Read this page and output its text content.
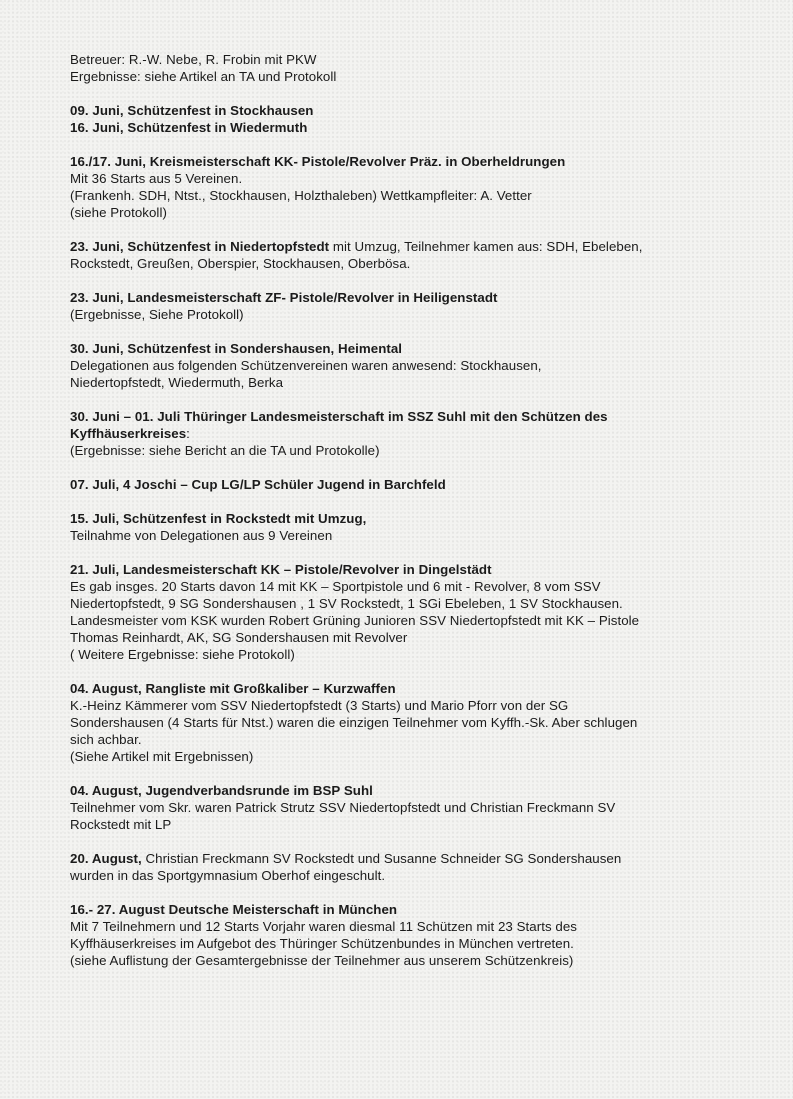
Betreuer: R.-W. Nebe, R. Frobin mit PKW
Ergebnisse: siehe Artikel an TA und Protokoll
09. Juni, Schützenfest in Stockhausen
16. Juni, Schützenfest in Wiedermuth
16./17. Juni, Kreismeisterschaft KK- Pistole/Revolver Präz. in Oberheldrungen
Mit 36 Starts aus 5 Vereinen.
(Frankenh. SDH, Ntst., Stockhausen, Holzthaleben) Wettkampfleiter: A. Vetter
(siehe Protokoll)
23. Juni, Schützenfest in Niedertopfstedt mit Umzug, Teilnehmer kamen aus: SDH, Ebeleben,
Rockstedt, Greußen, Oberspier, Stockhausen, Oberbösa.
23. Juni, Landesmeisterschaft ZF- Pistole/Revolver in Heiligenstadt
(Ergebnisse, Siehe Protokoll)
30. Juni, Schützenfest in Sondershausen, Heimental
Delegationen aus folgenden Schützenvereinen waren anwesend: Stockhausen,
Niedertopfstedt, Wiedermuth, Berka
30. Juni – 01. Juli Thüringer Landesmeisterschaft im SSZ Suhl mit den Schützen des
Kyffhäuserkreises:
(Ergebnisse: siehe Bericht an die TA und Protokolle)
07. Juli, 4 Joschi – Cup LG/LP Schüler Jugend in Barchfeld
15. Juli, Schützenfest in Rockstedt mit Umzug,
Teilnahme von Delegationen aus 9 Vereinen
21. Juli, Landesmeisterschaft KK – Pistole/Revolver in Dingelstädt
Es gab insges. 20 Starts davon 14 mit KK – Sportpistole und 6 mit - Revolver, 8 vom SSV
Niedertopfstedt, 9 SG Sondershausen , 1 SV Rockstedt, 1 SGi Ebeleben, 1 SV Stockhausen.
Landesmeister vom KSK wurden Robert Grüning Junioren SSV Niedertopfstedt mit KK – Pistole
Thomas Reinhardt, AK, SG Sondershausen mit Revolver
( Weitere Ergebnisse: siehe Protokoll)
04. August, Rangliste mit Großkaliber – Kurzwaffen
K.-Heinz Kämmerer vom SSV Niedertopfstedt (3 Starts) und Mario Pforr von der SG
Sondershausen (4 Starts für Ntst.) waren die einzigen Teilnehmer vom Kyffh.-Sk. Aber schlugen
sich achbar.
(Siehe Artikel mit Ergebnissen)
04. August, Jugendverbandsrunde im BSP Suhl
Teilnehmer vom Skr. waren Patrick Strutz SSV Niedertopfstedt und Christian Freckmann SV
Rockstedt mit LP
20. August, Christian Freckmann SV Rockstedt und Susanne Schneider SG Sondershausen
wurden in das Sportgymnasium Oberhof eingeschult.
16.- 27. August Deutsche Meisterschaft in München
Mit 7 Teilnehmern und 12 Starts Vorjahr waren diesmal 11 Schützen mit 23 Starts des
Kyffhäuserkreises im Aufgebot des Thüringer Schützenbundes in München vertreten.
(siehe Auflistung der Gesamtergebnisse der Teilnehmer aus unserem Schützenkreis)
